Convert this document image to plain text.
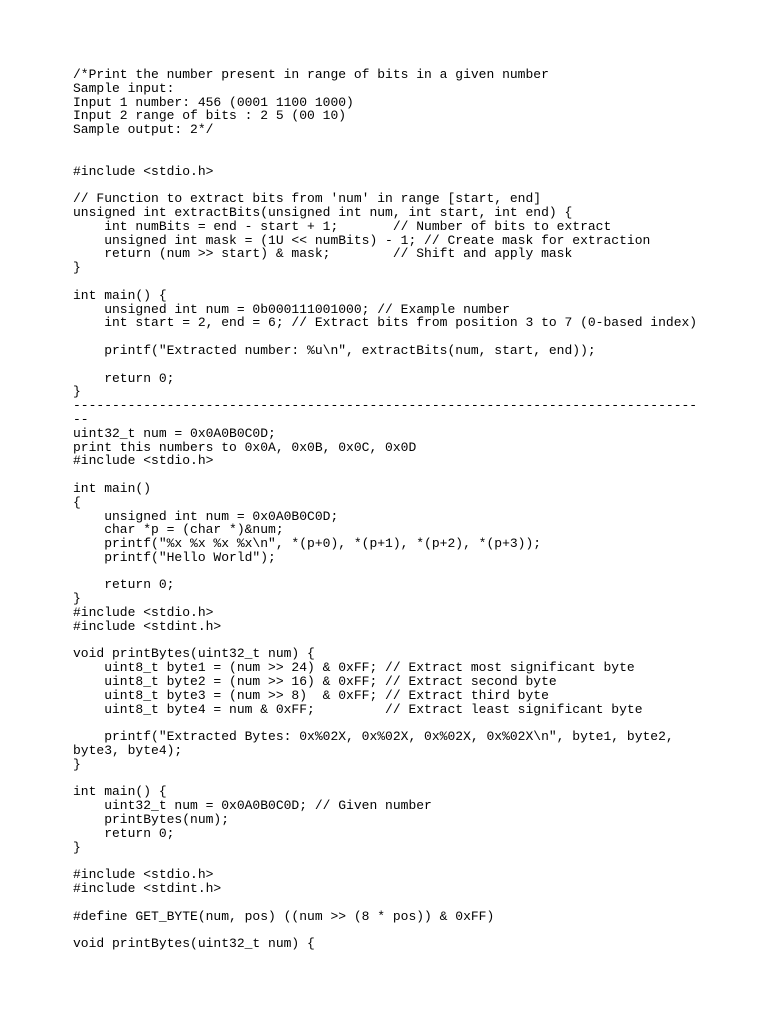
/*Print the number present in range of bits in a given number
Sample input:
Input 1 number: 456 (0001 1100 1000)
Input 2 range of bits : 2 5 (00 10)
Sample output: 2*/
#include <stdio.h>
// Function to extract bits from 'num' in range [start, end]
unsigned int extractBits(unsigned int num, int start, int end) {
int numBits = end - start + 1;       // Number of bits to extract
unsigned int mask = (1U << numBits) - 1; // Create mask for extraction
return (num >> start) & mask;        // Shift and apply mask
}
int main() {
unsigned int num = 0b000111001000; // Example number
int start = 2, end = 6; // Extract bits from position 3 to 7 (0-based index)
printf("Extracted number: %u\n", extractBits(num, start, end));
return 0;
}
--------------------------------------------------------------------------------
--
uint32_t num = 0x0A0B0C0D;
print this numbers to 0x0A, 0x0B, 0x0C, 0x0D
#include <stdio.h>
int main()
{
unsigned int num = 0x0A0B0C0D;
char *p = (char *)&num;
printf("%x %x %x %x\n", *(p+0), *(p+1), *(p+2), *(p+3));
printf("Hello World");
return 0;
}
#include <stdio.h>
#include <stdint.h>
void printBytes(uint32_t num) {
uint8_t byte1 = (num >> 24) & 0xFF; // Extract most significant byte
uint8_t byte2 = (num >> 16) & 0xFF; // Extract second byte
uint8_t byte3 = (num >> 8)  & 0xFF; // Extract third byte
uint8_t byte4 = num & 0xFF;         // Extract least significant byte
printf("Extracted Bytes: 0x%02X, 0x%02X, 0x%02X, 0x%02X\n", byte1, byte2,
byte3, byte4);
}
int main() {
uint32_t num = 0x0A0B0C0D; // Given number
printBytes(num);
return 0;
}
#include <stdio.h>
#include <stdint.h>
#define GET_BYTE(num, pos) ((num >> (8 * pos)) & 0xFF)
void printBytes(uint32_t num) {
